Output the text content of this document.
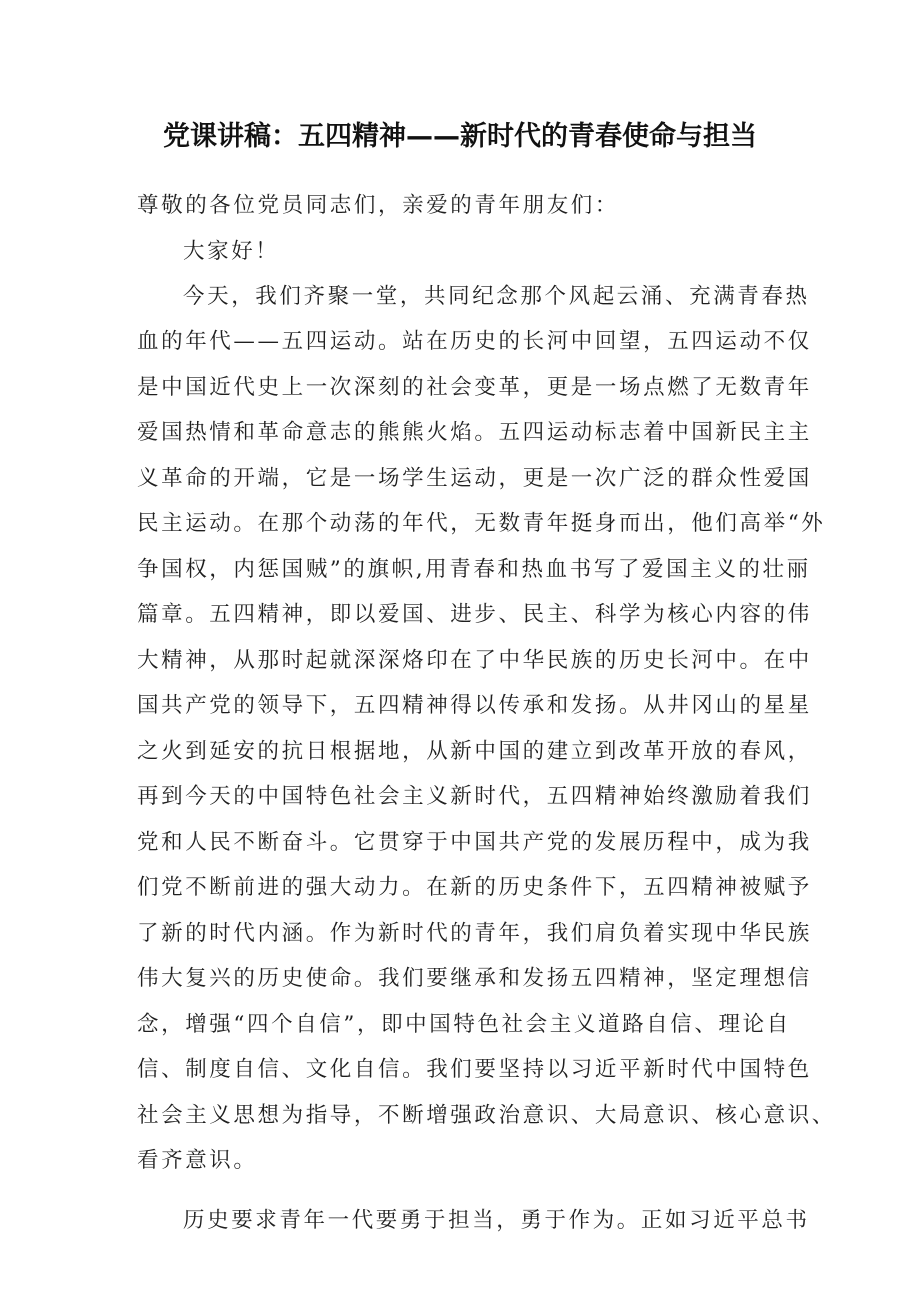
党课讲稿：五四精神——新时代的青春使命与担当
尊敬的各位党员同志们，亲爱的青年朋友们：
大家好！
今天，我们齐聚一堂，共同纪念那个风起云涌、充满青春热
血的年代——五四运动。站在历史的长河中回望，五四运动不仅
是中国近代史上一次深刻的社会变革，更是一场点燃了无数青年
爱国热情和革命意志的熊熊火焰。五四运动标志着中国新民主主
义革命的开端，它是一场学生运动，更是一次广泛的群众性爱国
民主运动。在那个动荡的年代，无数青年挺身而出，他们高举“外
争国权，内惩国贼”的旗帜,用青春和热血书写了爱国主义的壮丽
篇章。五四精神，即以爱国、进步、民主、科学为核心内容的伟
大精神，从那时起就深深烙印在了中华民族的历史长河中。在中
国共产党的领导下，五四精神得以传承和发扬。从井冈山的星星
之火到延安的抗日根据地，从新中国的建立到改革开放的春风，
再到今天的中国特色社会主义新时代，五四精神始终激励着我们
党和人民不断奋斗。它贯穿于中国共产党的发展历程中，成为我
们党不断前进的强大动力。在新的历史条件下，五四精神被赋予
了新的时代内涵。作为新时代的青年，我们肩负着实现中华民族
伟大复兴的历史使命。我们要继承和发扬五四精神，坚定理想信
念，增强“四个自信”，即中国特色社会主义道路自信、理论自
信、制度自信、文化自信。我们要坚持以习近平新时代中国特色
社会主义思想为指导，不断增强政治意识、大局意识、核心意识、
看齐意识。
历史要求青年一代要勇于担当，勇于作为。正如习近平总书
